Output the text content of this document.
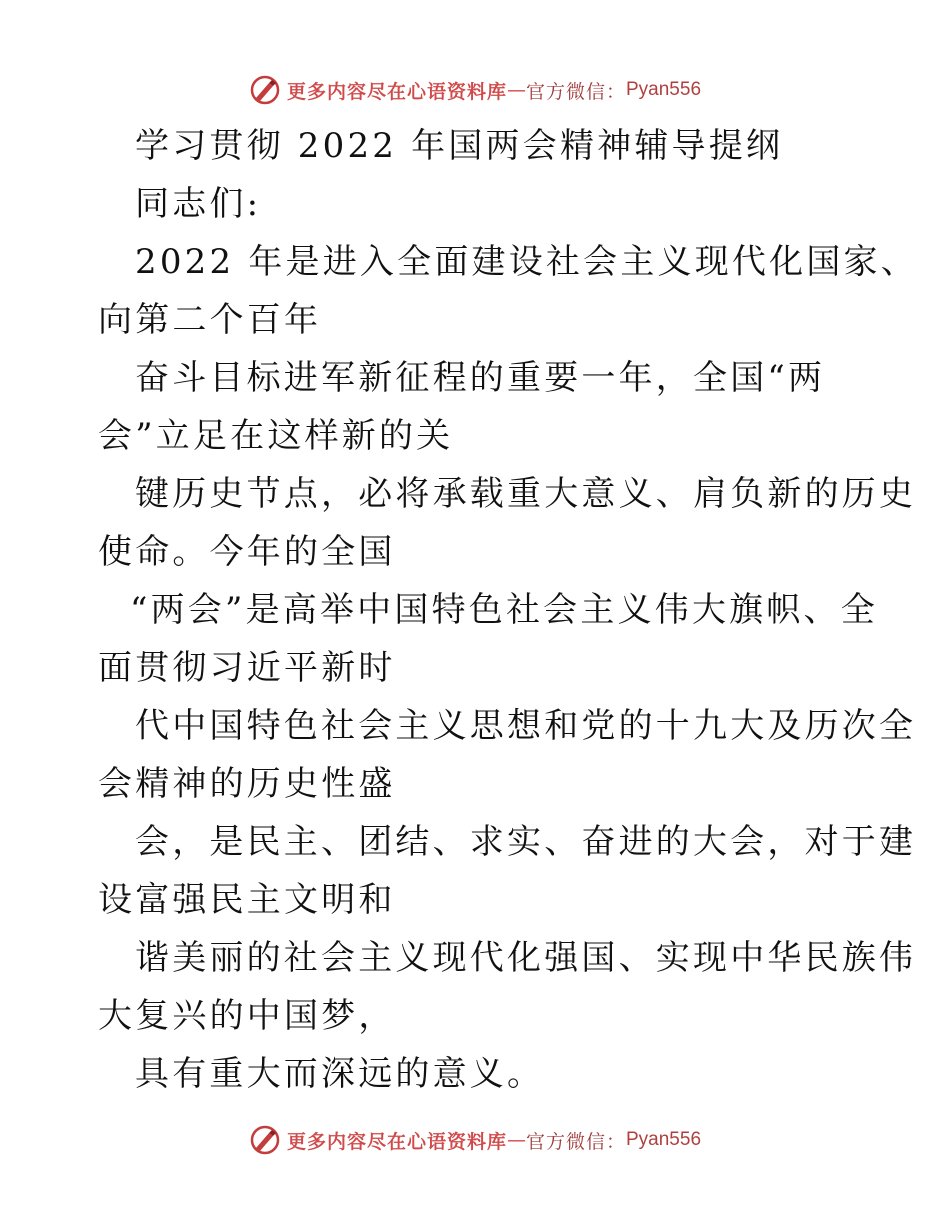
更多内容尽在心语资料库 — 官方微信： Pyan556
学习贯彻 2022 年国两会精神辅导提纲
同志们:
2022 年是进入全面建设社会主义现代化国家、
向第二个百年
奋斗目标进军新征程的重要一年，全国“两
会”立足在这样新的关
键历史节点，必将承载重大意义、肩负新的历史
使命。今年的全国
“两会”是高举中国特色社会主义伟大旗帜、全
面贯彻习近平新时
代中国特色社会主义思想和党的十九大及历次全
会精神的历史性盛
会，是民主、团结、求实、奋进的大会，对于建
设富强民主文明和
谐美丽的社会主义现代化强国、实现中华民族伟
大复兴的中国梦，
具有重大而深远的意义。
更多内容尽在心语资料库 — 官方微信： Pyan556
